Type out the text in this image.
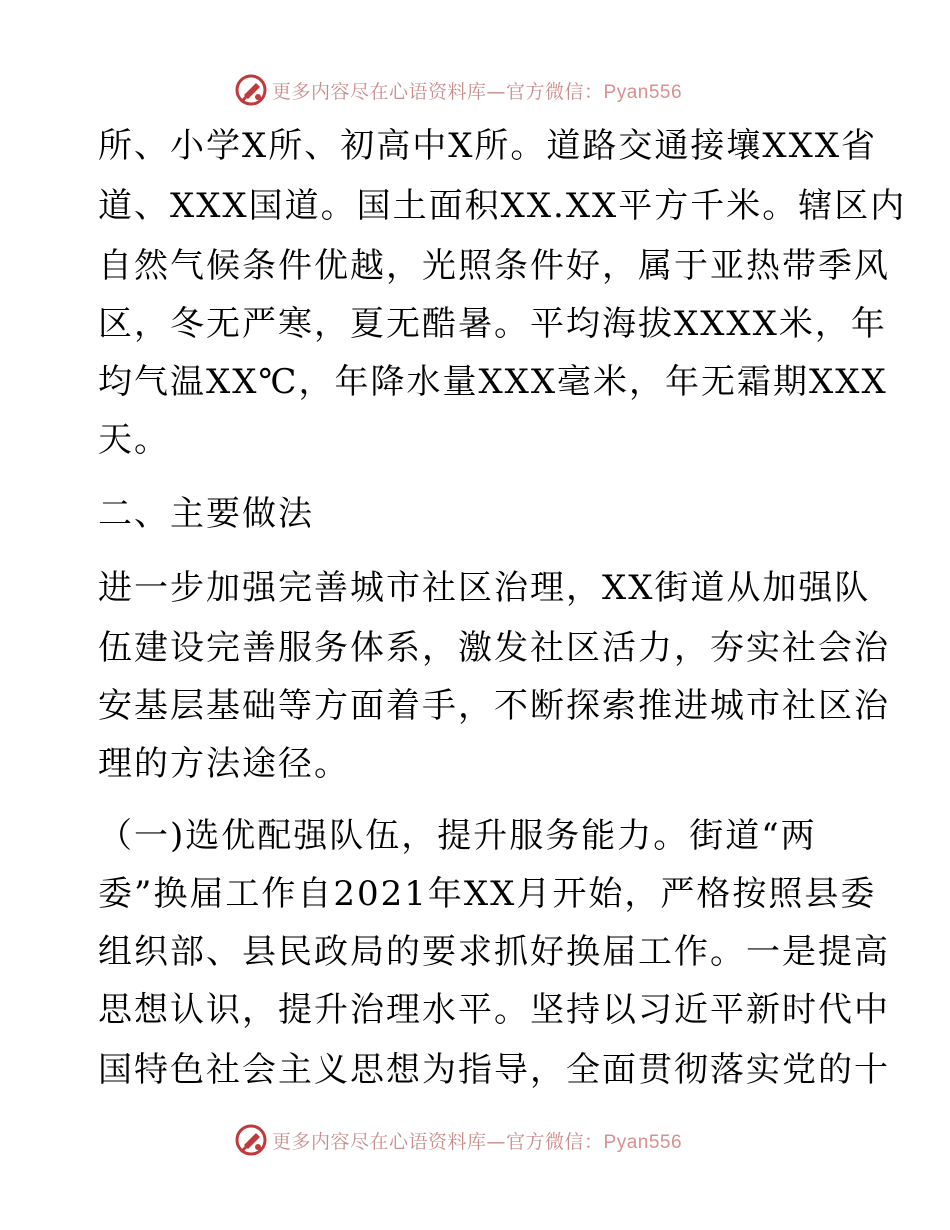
更多内容尽在心语资料库—官方微信：Pyan556
所、小学X所、初高中X所。道路交通接壤XXX省
道、XXX国道。国土面积XX.XX平方千米。辖区内
自然气候条件优越，光照条件好，属于亚热带季风
区，冬无严寒，夏无酷暑。平均海拔XXXX米，年
均气温XX℃，年降水量XXX毫米，年无霜期XXX
天。
二、主要做法
进一步加强完善城市社区治理，XX街道从加强队
伍建设完善服务体系，激发社区活力，夯实社会治
安基层基础等方面着手，不断探索推进城市社区治
理的方法途径。
（一)选优配强队伍，提升服务能力。街道“两
委”换届工作自2021年XX月开始，严格按照县委
组织部、县民政局的要求抓好换届工作。一是提高
思想认识，提升治理水平。坚持以习近平新时代中
国特色社会主义思想为指导，全面贯彻落实党的十
更多内容尽在心语资料库—官方微信：Pyan556
